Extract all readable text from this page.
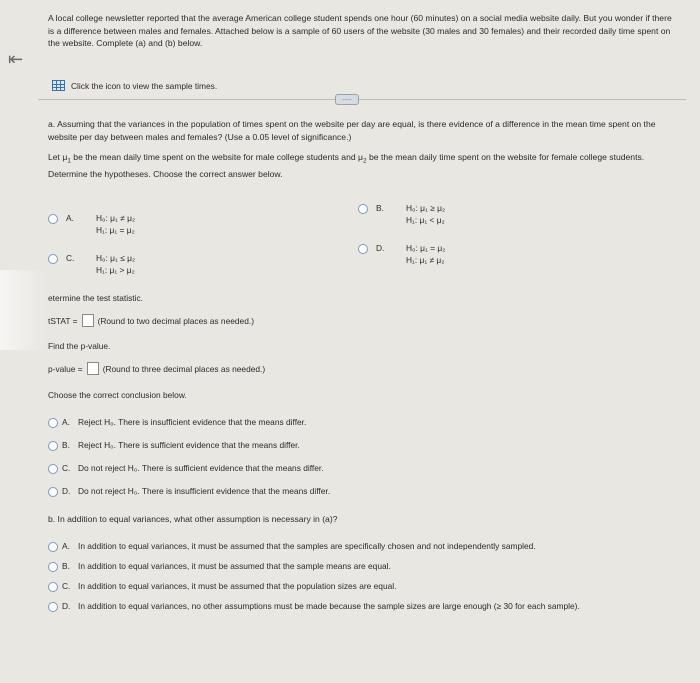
⇤
A local college newsletter reported that the average American college student spends one hour (60 minutes) on a social media website daily. But you wonder if there is a difference between males and females. Attached below is a sample of 60 users of the website (30 males and 30 females) and their recorded daily time spent on the website. Complete (a) and (b) below.
Click the icon to view the sample times.
.....
a. Assuming that the variances in the population of times spent on the website per day are equal, is there evidence of a difference in the mean time spent on the website per day between males and females? (Use a 0.05 level of significance.)
Let $\mu_1$ be the mean daily time spent on the website for male college students and $\mu_2$ be the mean daily time spent on the website for female college students. Determine the hypotheses. Choose the correct answer below.
A.	H₀: μ₁ ≠ μ₂
H₁: μ₁ = μ₂
C.	H₀: μ₁ ≤ μ₂
H₁: μ₁ > μ₂
B.	H₀: μ₁ ≥ μ₂
H₁: μ₁ < μ₂
D.	H₀: μ₁ = μ₂
H₁: μ₁ ≠ μ₂
etermine the test statistic.
tSTAT = (Round to two decimal places as needed.)
Find the p-value.
p-value = (Round to three decimal places as needed.)
Choose the correct conclusion below.
A. Reject H₀. There is insufficient evidence that the means differ.
B. Reject H₀. There is sufficient evidence that the means differ.
C. Do not reject H₀. There is sufficient evidence that the means differ.
D. Do not reject H₀. There is insufficient evidence that the means differ.
b. In addition to equal variances, what other assumption is necessary in (a)?
A. In addition to equal variances, it must be assumed that the samples are specifically chosen and not independently sampled.
B. In addition to equal variances, it must be assumed that the sample means are equal.
C. In addition to equal variances, it must be assumed that the population sizes are equal.
D. In addition to equal variances, no other assumptions must be made because the sample sizes are large enough (≥ 30 for each sample).
